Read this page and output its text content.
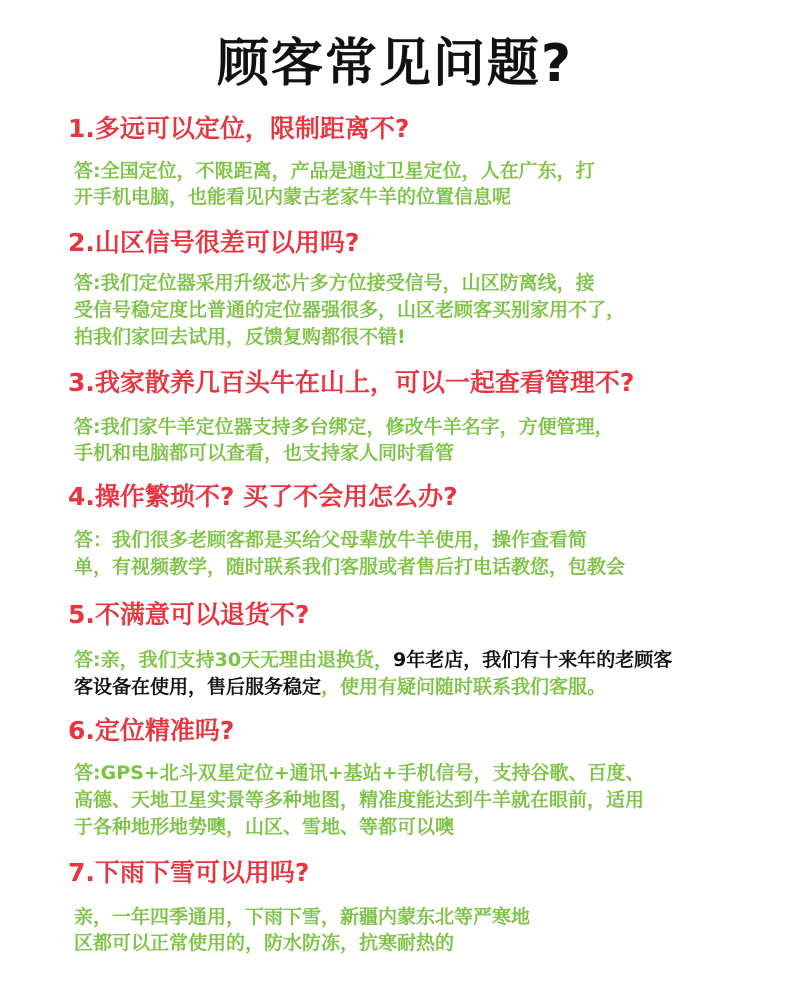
顾客常见问题?
1.多远可以定位，限制距离不?
答:全国定位，不限距离，产品是通过卫星定位，人在广东，打
开手机电脑，也能看见内蒙古老家牛羊的位置信息呢
2.山区信号很差可以用吗?
答:我们定位器采用升级芯片多方位接受信号，山区防离线，接
受信号稳定度比普通的定位器强很多，山区老顾客买别家用不了，
拍我们家回去试用，反馈复购都很不错!
3.我家散养几百头牛在山上，可以一起查看管理不?
答:我们家牛羊定位器支持多台绑定，修改牛羊名字，方便管理，
手机和电脑都可以查看，也支持家人同时看管
4.操作繁琐不? 买了不会用怎么办?
答：我们很多老顾客都是买给父母辈放牛羊使用，操作查看简
单，有视频教学，随时联系我们客服或者售后打电话教您，包教会
5.不满意可以退货不?
答:亲，我们支持30天无理由退换货，9年老店，我们有十来年的老顾客
客设备在使用，售后服务稳定，使用有疑问随时联系我们客服。
6.定位精准吗?
答:GPS+北斗双星定位+通讯+基站+手机信号，支持谷歌、百度、
高德、天地卫星实景等多种地图，精准度能达到牛羊就在眼前，适用
于各种地形地势噢，山区、雪地、等都可以噢
7.下雨下雪可以用吗?
亲，一年四季通用，下雨下雪，新疆内蒙东北等严寒地
区都可以正常使用的，防水防冻，抗寒耐热的
